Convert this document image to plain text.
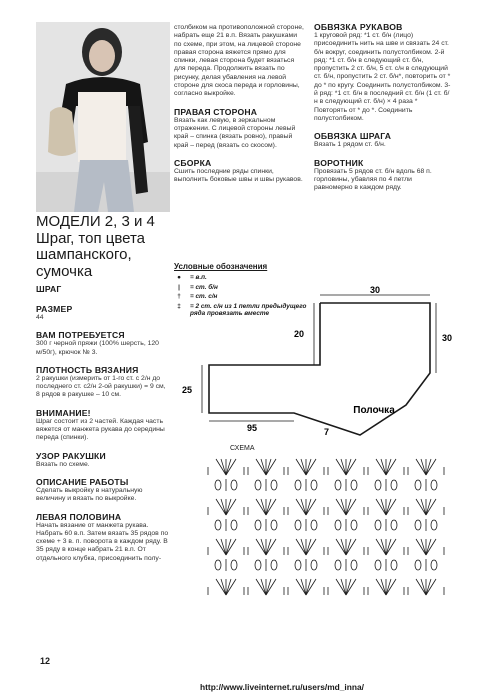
МОДЕЛИ 2, 3 и 4
Шраг, топ цвета шампанского, сумочка

ШРАГ

РАЗМЕР

44

ВАМ ПОТРЕБУЕТСЯ

300 г черной пряжи (100% шерсть, 120 м/50г), крючок № 3.

ПЛОТНОСТЬ ВЯЗАНИЯ

2 ракушки (измерить от 1-го ст. с 2/н до последнего ст. с2/н 2-ой ракушки) = 9 см, 8 рядов в ракушке – 10 см.

ВНИМАНИЕ!

Шраг состоит из 2 частей. Каждая часть вяжется от манжета рукава до середины переда (спинки).

УЗОР РАКУШКИ

Вязать по схеме.

ОПИСАНИЕ РАБОТЫ

Сделать выкройку в натуральную величину и вязать по выкройке.

ЛЕВАЯ ПОЛОВИНА

Начать вязание от манжета рукава. Набрать 60 в.п. Затем вязать 35 рядов по схеме + 3 в. п. поворота в каждом ряду. В 35 ряду в конце набрать 21 в.п. От отдельного клубка, присоединить полу-

столбиком на противоположной стороне, набрать еще 21 в.п. Вязать ракушками по схеме, при этом, на лицевой стороне правая сторона вяжется прямо для спинки, левая сторона будет вязаться для переда. Продолжить вязать по рисунку, делая убавления на левой стороне для скоса переда и горловины, согласно выкройке.

ПРАВАЯ СТОРОНА

Вязать как левую, в зеркальном отражении. С лицевой стороны левый край – спинка (вязать ровно), правый край – перед (вязать со скосом).

СБОРКА

Сшить последние ряды спинки, выполнить боковые швы и швы рукавов.

ОБВЯЗКА РУКАВОВ

1 круговой ряд: *1 ст. б/н (лицо) присоединить нить на шве и связать 24 ст. б/н вокруг, соединить полустолбиком. 2-й ряд: *1 ст. б/н в следующий ст. б/н, пропустить 2 ст. б/н, 5 ст. с/н в следующий ст. б/н, пропустить 2 ст. б/н*, повторить от * до * по кругу. Соединить полустолбиком. 3-й ряд: *1 ст. б/н в последний ст. б/н (1 ст. б/н в следующий ст. б/н) × 4 раза * Повторять от * до *. Соединить полустолбиком.

ОБВЯЗКА ШРАГА

Вязать 1 рядом ст. б/н.

ВОРОТНИК

Провязать 5 рядов ст. б/н вдоль 68 п. горловины, убавляя по 4 петли равномерно в каждом ряду.

Условные обозначения
●	= в.п.
|	= ст. б/н
†	= ст. с/н
‡	= 2 ст. с/н из 1 петли предыдущего ряда провязать вместе
30
30
20
25
95	7
Полочка
СХЕМА
12
http://www.liveinternet.ru/users/md_inna/
